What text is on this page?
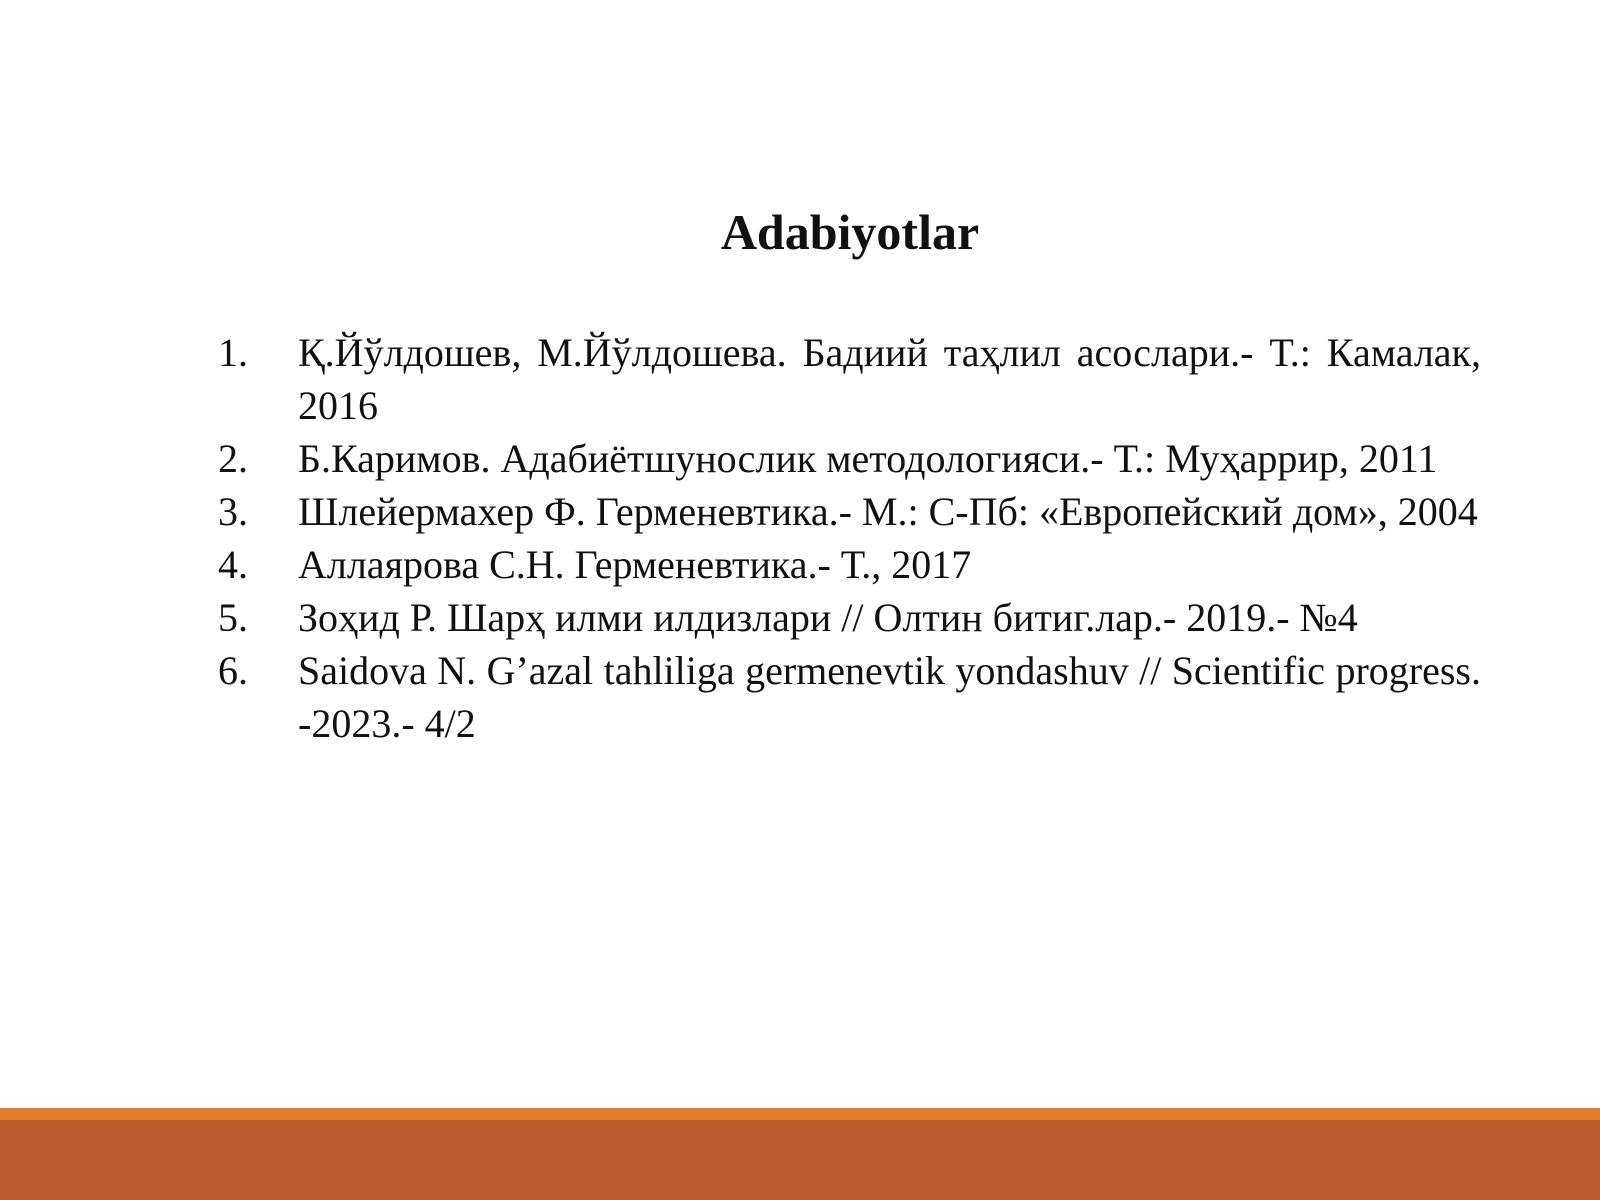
Adabiyotlar
1.	Қ.Йўлдошев, М.Йўлдошева. Бадиий таҳлил асослари.- Т.: Камалак, 2016
2.	Б.Каримов. Адабиётшунослик методологияси.- Т.: Муҳаррир, 2011
3.	Шлейермахер Ф. Герменевтика.- М.: С-Пб: «Европейский дом», 2004
4.	Аллаярова С.Н. Герменевтика.- Т., 2017
5.	Зоҳид Р. Шарҳ илми илдизлари // Олтин битиг.лар.- 2019.- №4
6.	Saidova N. G’azal tahliliga germenevtik yondashuv // Scientific progress. -2023.- 4/2
